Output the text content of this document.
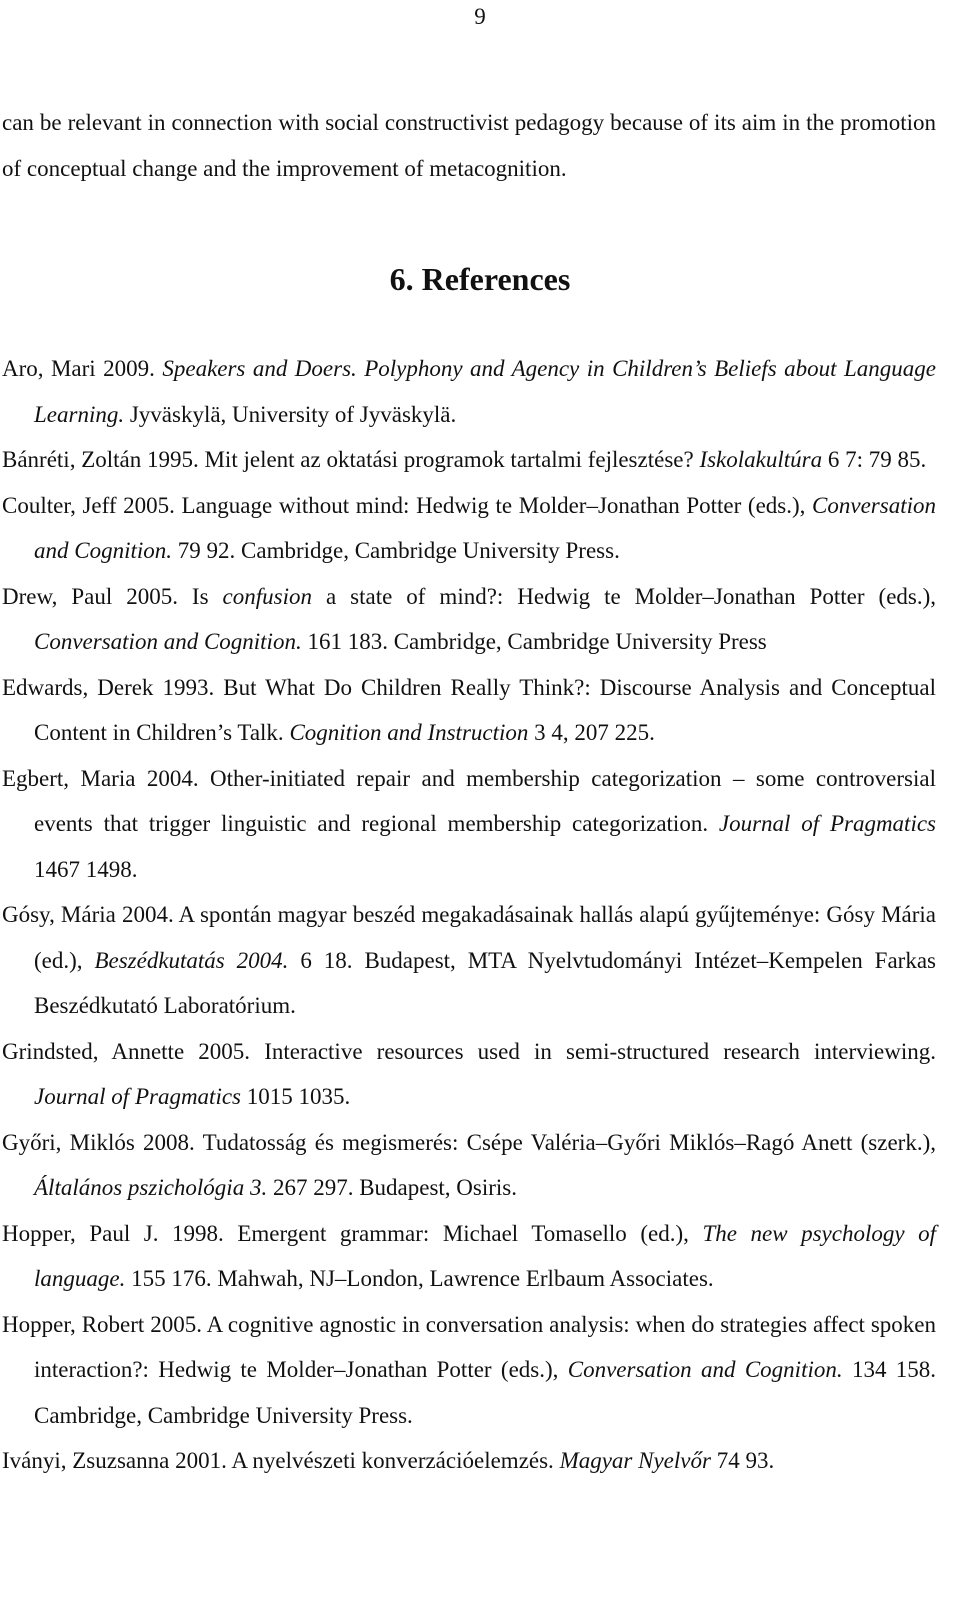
9

can be relevant in connection with social constructivist pedagogy because of its aim in the promotion of conceptual change and the improvement of metacognition.

6. References

Aro, Mari 2009. Speakers and Doers. Polyphony and Agency in Children’s Beliefs about Language Learning. Jyväskylä, University of Jyväskylä.

Bánréti, Zoltán 1995. Mit jelent az oktatási programok tartalmi fejlesztése? Iskolakultúra 6 7: 79 85.

Coulter, Jeff 2005. Language without mind: Hedwig te Molder–Jonathan Potter (eds.), Conversation and Cognition. 79 92. Cambridge, Cambridge University Press.

Drew, Paul 2005. Is confusion a state of mind?: Hedwig te Molder–Jonathan Potter (eds.), Conversation and Cognition. 161 183. Cambridge, Cambridge University Press

Edwards, Derek 1993. But What Do Children Really Think?: Discourse Analysis and Conceptual Content in Children’s Talk. Cognition and Instruction 3 4, 207 225.

Egbert, Maria 2004. Other-initiated repair and membership categorization – some controversial events that trigger linguistic and regional membership categorization. Journal of Pragmatics 1467 1498.

Gósy, Mária 2004. A spontán magyar beszéd megakadásainak hallás alapú gyűjteménye: Gósy Mária (ed.), Beszédkutatás 2004. 6 18. Budapest, MTA Nyelvtudományi Intézet–Kempelen Farkas Beszédkutató Laboratórium.

Grindsted, Annette 2005. Interactive resources used in semi-structured research interviewing. Journal of Pragmatics 1015 1035.

Győri, Miklós 2008. Tudatosság és megismerés: Csépe Valéria–Győri Miklós–Ragó Anett (szerk.), Általános pszichológia 3. 267 297. Budapest, Osiris.

Hopper, Paul J. 1998. Emergent grammar: Michael Tomasello (ed.), The new psychology of language. 155 176. Mahwah, NJ–London, Lawrence Erlbaum Associates.

Hopper, Robert 2005. A cognitive agnostic in conversation analysis: when do strategies affect spoken interaction?: Hedwig te Molder–Jonathan Potter (eds.), Conversation and Cognition. 134 158. Cambridge, Cambridge University Press.

Iványi, Zsuzsanna 2001. A nyelvészeti konverzációelemzés. Magyar Nyelvőr 74 93.
